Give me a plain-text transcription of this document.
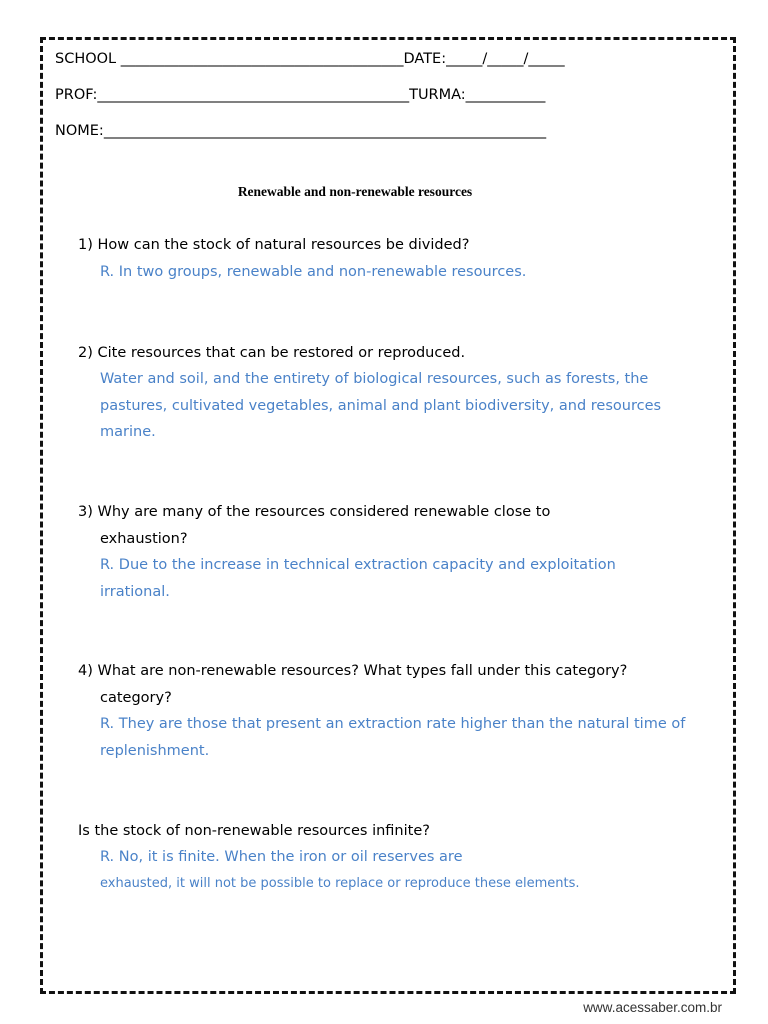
SCHOOL _______________________________________DATE:_____/_____/_____
PROF:___________________________________________TURMA:___________
NOME:_____________________________________________________________
Renewable and non-renewable resources
1) How can the stock of natural resources be divided?
R. In two groups, renewable and non-renewable resources.
2) Cite resources that can be restored or reproduced.
Water and soil, and the entirety of biological resources, such as forests, the
pastures, cultivated vegetables, animal and plant biodiversity, and resources
marine.
3) Why are many of the resources considered renewable close to
exhaustion?
R. Due to the increase in technical extraction capacity and exploitation
irrational.
4) What are non-renewable resources? What types fall under this category?
category?
R. They are those that present an extraction rate higher than the natural time of
replenishment.
Is the stock of non-renewable resources infinite?
R. No, it is finite. When the iron or oil reserves are
exhausted, it will not be possible to replace or reproduce these elements.
www.acessaber.com.br
